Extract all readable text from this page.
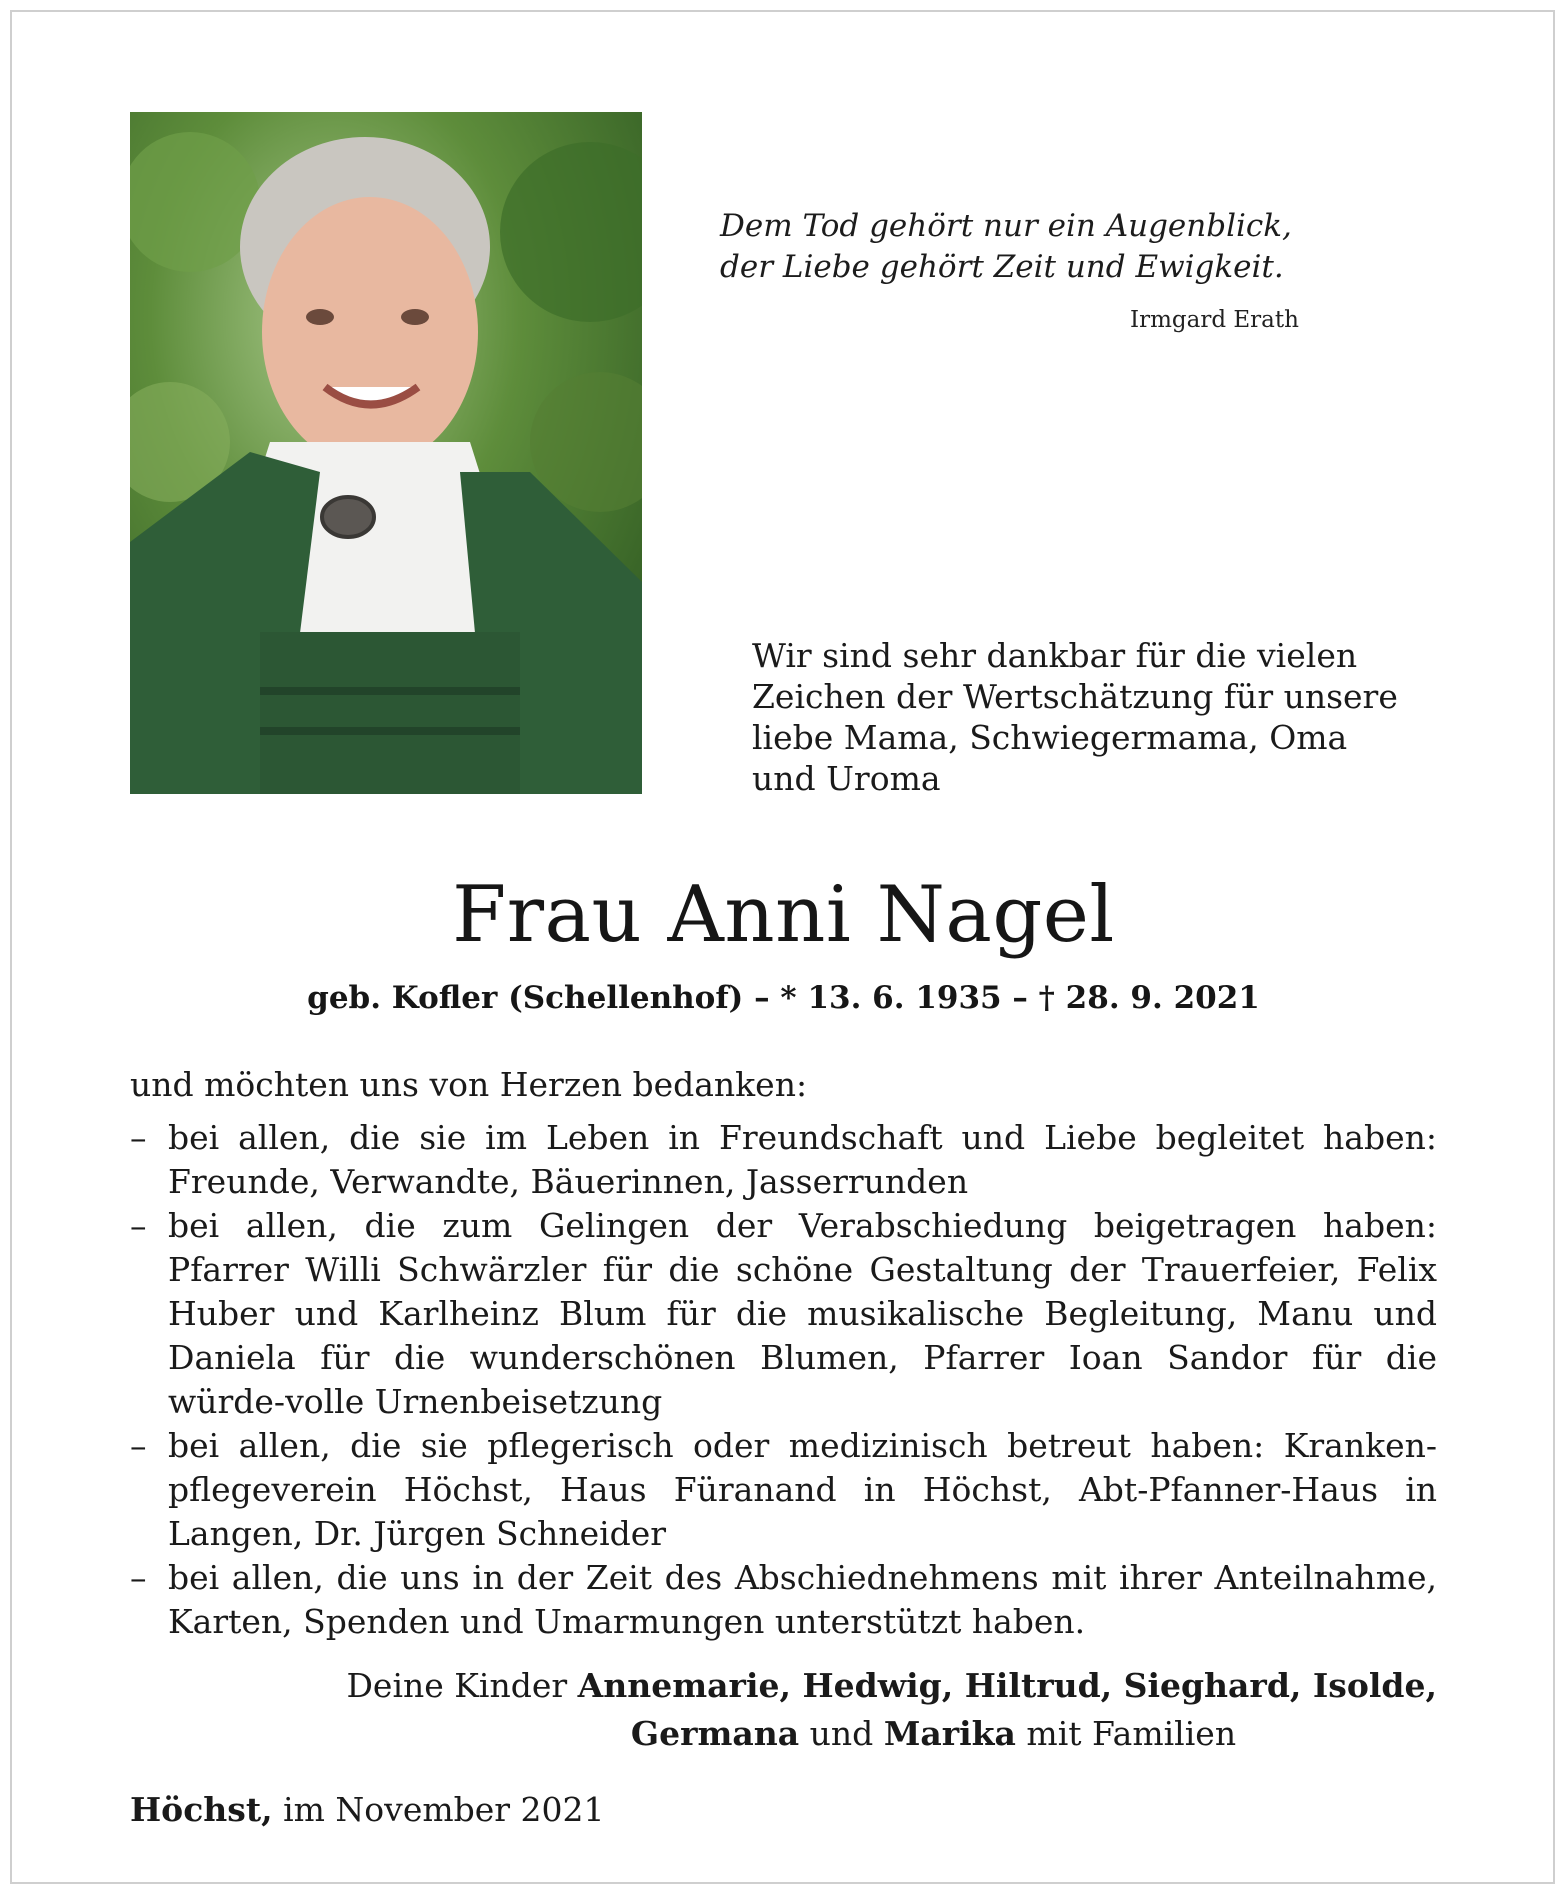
Dem Tod gehört nur ein Augenblick,
der Liebe gehört Zeit und Ewigkeit.
Irmgard Erath
Wir sind sehr dankbar für die vielen
Zeichen der Wertschätzung für unsere
liebe Mama, Schwiegermama, Oma
und Uroma
Frau Anni Nagel
geb. Kofler (Schellenhof) – * 13. 6. 1935 – † 28. 9. 2021
und möchten uns von Herzen bedanken:
– bei allen, die sie im Leben in Freundschaft und Liebe begleitet haben: Freunde, Verwandte, Bäuerinnen, Jasserrunden
– bei allen, die zum Gelingen der Verabschiedung beigetragen haben: Pfarrer Willi Schwärzler für die schöne Gestaltung der Trauerfeier, Felix Huber und Karlheinz Blum für die musikalische Begleitung, Manu und Daniela für die wunderschönen Blumen, Pfarrer Ioan Sandor für die würde-volle Urnenbeisetzung
– bei allen, die sie pflegerisch oder medizinisch betreut haben: Kranken-pflegeverein Höchst, Haus Füranand in Höchst, Abt-Pfanner-Haus in Langen, Dr. Jürgen Schneider
– bei allen, die uns in der Zeit des Abschiednehmens mit ihrer Anteilnahme, Karten, Spenden und Umarmungen unterstützt haben.
Deine Kinder Annemarie, Hedwig, Hiltrud, Sieghard, Isolde,
Germana und Marika mit Familien
Höchst, im November 2021
